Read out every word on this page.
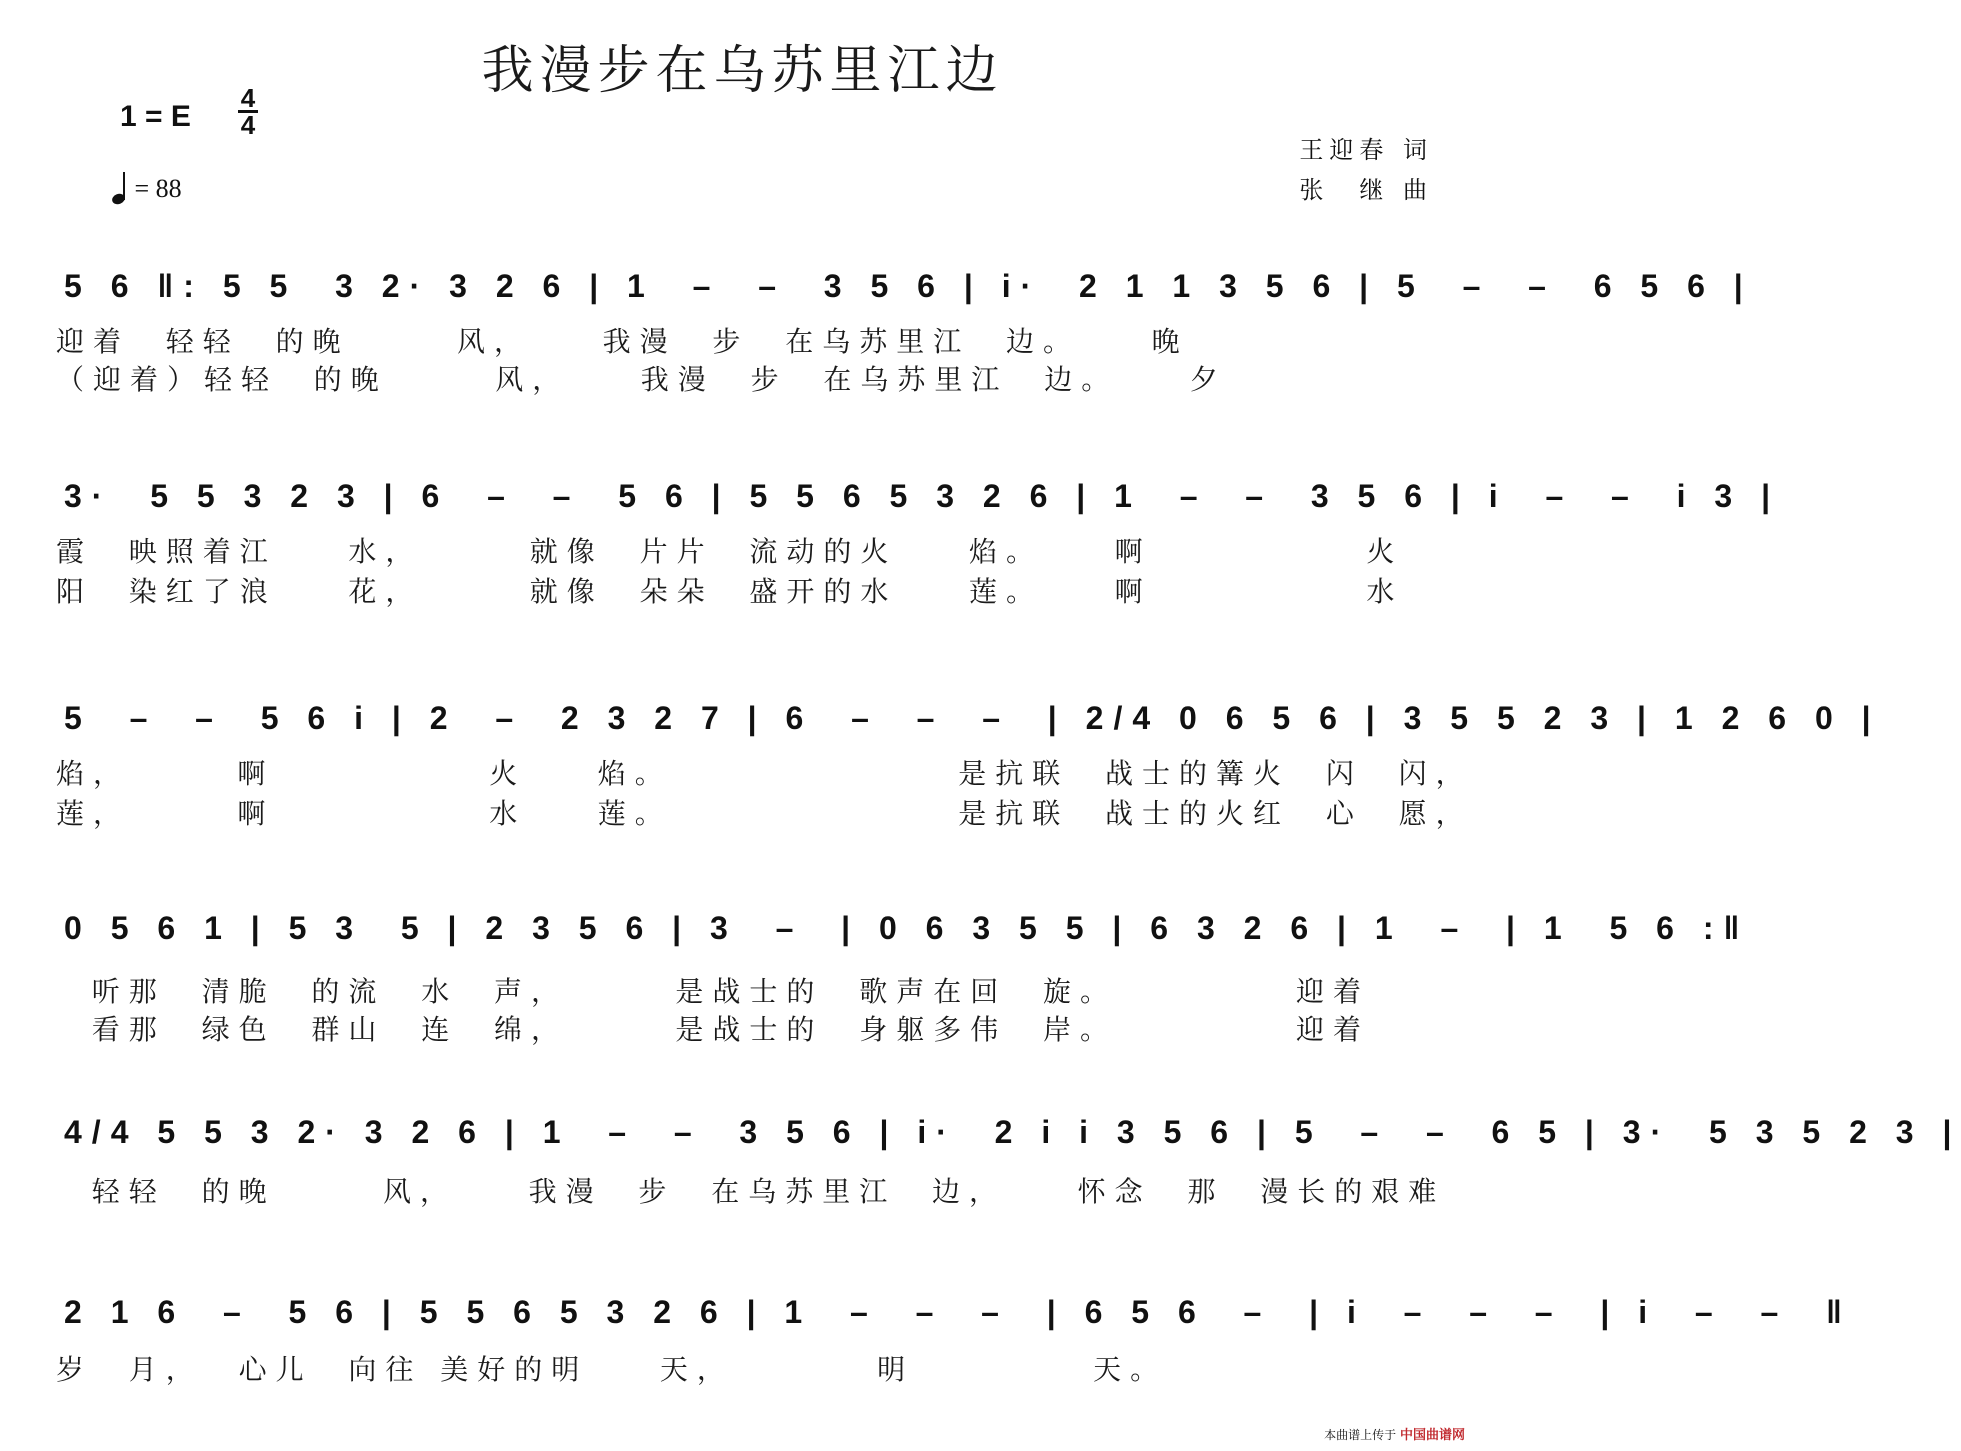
我漫步在乌苏里江边
1 = E
4
4
= 88
王迎春 词
张　继 曲
5 6 ‖: 5 5  3 2· 3 2 6 | 1  –  –  3 5 6 | i·  2 1 1 3 5 6 | 5  –  –  6 5 6 |
迎着  轻轻  的晚      风，    我漫  步  在乌苏里江  边。    晚
（迎着）轻轻  的晚      风，    我漫  步  在乌苏里江  边。    夕
3·  5 5 3 2 3 | 6  –  –  5 6 | 5 5 6 5 3 2 6 | 1  –  –  3 5 6 | i  –  –  i 3 |
霞  映照着江    水，      就像  片片  流动的火    焰。    啊            火
阳  染红了浪    花，      就像  朵朵  盛开的水    莲。    啊            水
5  –  –  5 6 i | 2  –  2 3 2 7 | 6  –  –  –  | 2/4 0 6 5 6 | 3 5 5 2 3 | 1 2 6 0 |
焰，      啊            火    焰。                是抗联  战士的篝火  闪  闪，
莲，      啊            水    莲。                是抗联  战士的火红  心  愿，
0 5 6 1 | 5 3  5 | 2 3 5 6 | 3  –  | 0 6 3 5 5 | 6 3 2 6 | 1  –  | 1  5 6 :‖
听那  清脆  的流  水  声，      是战士的  歌声在回  旋。          迎着
看那  绿色  群山  连  绵，      是战士的  身躯多伟  岸。          迎着
4/4 5 5 3 2· 3 2 6 | 1  –  –  3 5 6 | i·  2 i i 3 5 6 | 5  –  –  6 5 | 3·  5 3 5 2 3 |
轻轻  的晚      风，    我漫  步  在乌苏里江  边，    怀念  那  漫长的艰难
2 1 6  –  5 6 | 5 5 6 5 3 2 6 | 1  –  –  –  | 6 5 6  –  | i  –  –  –  | i  –  –  ‖
岁  月，  心儿  向往 美好的明    天，        明          天。
本曲谱上传于 中国曲谱网
